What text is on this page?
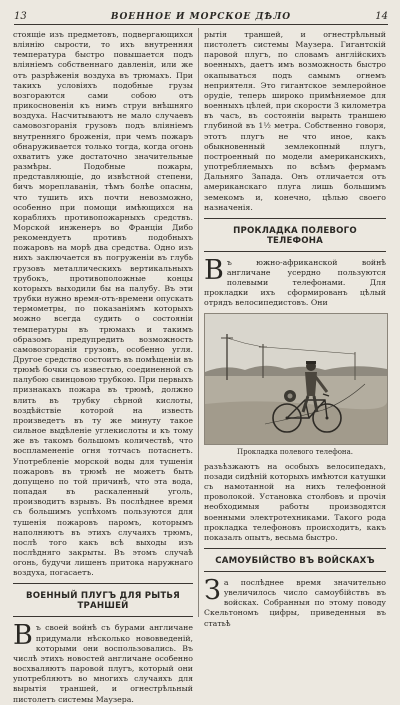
13	ВОЕННОЕ И МОРСКОЕ ДѢЛО	14

стоящіе изъ предметовъ, подвергающихся вліянію сырости, то ихъ внутренняя температура быстро повышается подъ вліяніемъ собственнаго давленія, или же отъ разрѣженія воздуха въ трюмахъ. При такихъ условіяхъ подобные грузы возгораются сами собою отъ прикосновенія къ нимъ струи внѣшняго воздуха. Насчитываютъ не мало случаевъ самовозгоранія грузовъ подъ вліяніемъ внутренняго броженія, при чемъ пожаръ обнаруживается только тогда, когда огонь охватитъ уже достаточно значительные размѣры. Подобные пожары, представляющіе, до извѣстной степени, бичъ мореплаванія, тѣмъ болѣе опасны, что тушить ихъ почти невозможно, особенно при помощи имѣющихся на корабляхъ противопожарныхъ средствъ. Морской инженеръ во Франціи Дибо рекомендуетъ противъ подобныхъ пожаровъ на морѣ два средства. Одно изъ нихъ заключается въ погруженіи въ глубь грузовъ металлическихъ вертикальныхъ трубокъ, противоположные концы которыхъ выходили бы на палубу. Въ эти трубки нужно время-отъ-времени опускать термометры, по показаніямъ которыхъ можно всегда судить о состояніи температуры въ трюмахъ и такимъ образомъ предупредить возможность самовозгоранія грузовъ, особенно угля. Другое средство состоитъ въ помѣщеніи въ трюмѣ бочки съ известью, соединенной съ палубою свинцовою трубкою. При первыхъ признакахъ пожара въ трюмѣ, должно влить въ трубку сѣрной кислоты, воздѣйствіе которой на известь произведетъ въ ту же минуту такое сильное выдѣленіе углекислоты и къ тому же въ такомъ большомъ количествѣ, что воспламененіе огня тотчасъ потаснетъ. Употребленіе морской воды для тушенія пожаровъ въ трюмѣ не можетъ быть допущено по той причинѣ, что эта вода, попадая въ раскаленный уголь, производитъ взрывъ. Въ послѣднее время съ большимъ успѣхомъ пользуются для тушенія пожаровъ паромъ, которымъ наполняютъ въ этихъ случаяхъ трюмъ, послѣ того какъ всѣ выходы изъ послѣдняго закрыты. Въ этомъ случаѣ огонь, будучи лишенъ притока наружнаго воздуха, погасаетъ.

ВОЕННЫЙ ПЛУГЪ ДЛЯ РЫТЬЯ ТРАНШЕЙ
В ъ своей войнѣ съ бурами англичане придумали нѣсколько нововведеній, которыми они воспользовались. Въ числѣ этихъ новостей англичане особенно восхваляютъ паровой плугъ, который они употребляютъ во многихъ случаяхъ для вырытія траншей, и огнестрѣльный пистолетъ системы Маузера.

рытія траншей, и огнестрѣльный пистолетъ системы Маузера. Гигантскій паровой плугъ, по словамъ англійскихъ военныхъ, даетъ имъ возможность быстро окапываться подъ самымъ огнемъ неприятеля. Это гигантское землеройное орудіе, теперь широко примѣняемое для военныхъ цѣлей, при скорости 3 километра въ часъ, въ состояніи вырыть траншею глубиной въ 1½ метра. Собственно говоря, этотъ плугъ не что иное, какъ обыкновенный землекопный плугъ, построенный по модели американскихъ, употребляемыхъ по всѣмъ фермамъ Дальняго Запада. Онъ отличается отъ американскаго плуга лишь большимъ земекомъ и, конечно, цѣлью своего назначенія.

ПРОКЛАДКА ПОЛЕВОГО ТЕЛЕФОНА
В ъ южно-африканской войнѣ англичане усердно пользуются полевыми телефонами. Для прокладки ихъ сформированъ цѣлый отрядъ велосипедистовъ. Они

Прокладка полевого телефона.

разъѣзжаютъ на особыхъ велосипедахъ, позади сидѣній которыхъ имѣются катушки съ намотанной на нихъ телефонной проволокой. Установка столбовъ и прочія необходимыя работы производятся военными электротехниками. Такого рода прокладка телефоновъ происходитъ, какъ показалъ опытъ, весьма быстро.

САМОУБІЙСТВО ВЪ ВОЙСКАХЪ
З а послѣднее время значительно увеличилось число самоубійствъ въ войсках. Собранныя по этому поводу Скельтономъ цифры, приведенныя въ статьѣ
